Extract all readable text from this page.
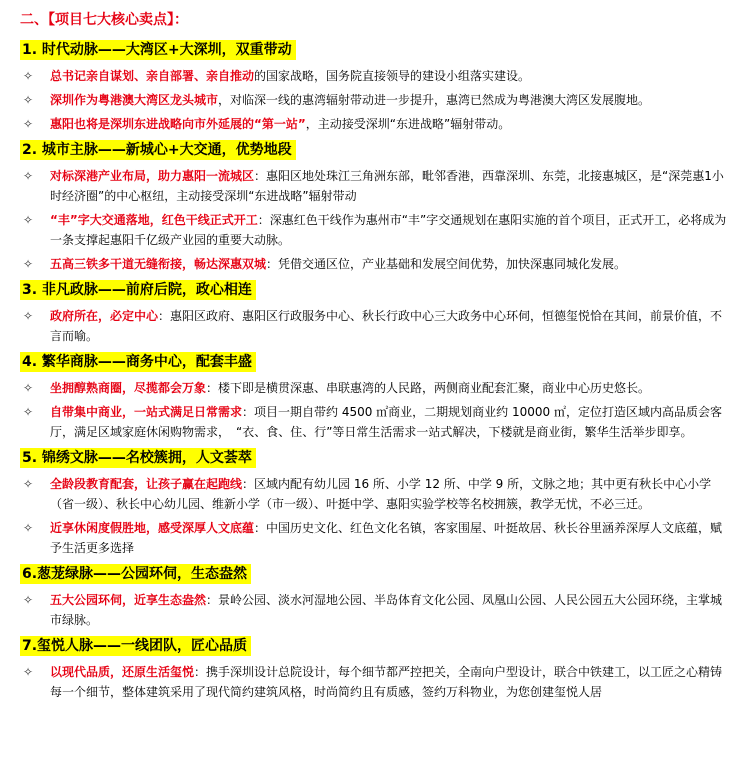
二、【项目七大核心卖点】：
1. 时代动脉——大湾区+大深圳，双重带动
✧ 总书记亲自谋划、亲自部署、亲自推动的国家战略，国务院直接领导的建设小组落实建设。
✧ 深圳作为粤港澳大湾区龙头城市，对临深一线的惠湾辐射带动进一步提升，惠湾已然成为粤港澳大湾区发展腹地。
✧ 惠阳也将是深圳东进战略向市外延展的“第一站”，主动接受深圳“东进战略”辐射带动。
2. 城市主脉——新城心+大交通，优势地段
✧ 对标深港产业布局，助力惠阳一流城区：惠阳区地处珠江三角洲东部，毗邻香港，西靠深圳、东莞，北接惠城区，是“深莞惠1小时经济圈”的中心枢纽，主动接受深圳“东进战略”辐射带动
✧ “丰”字大交通落地，红色干线正式开工：深惠红色干线作为惠州市“丰”字交通规划在惠阳实施的首个项目，正式开工，必将成为一条支撑起惠阳千亿级产业园的重要大动脉。
✧ 五高三铁多干道无缝衔接，畅达深惠双城：凭借交通区位，产业基础和发展空间优势，加快深惠同城化发展。
3. 非凡政脉——前府后院，政心相连
✧ 政府所在，必定中心：惠阳区政府、惠阳区行政服务中心、秋长行政中心三大政务中心环伺，恒德玺悦恰在其间，前景价值，不言而喻。
4. 繁华商脉——商务中心，配套丰盛
✧ 坐拥醇熟商圈，尽揽都会万象：楼下即是横贯深惠、串联惠湾的人民路，两侧商业配套汇聚，商业中心历史悠长。
✧ 自带集中商业，一站式满足日常需求：项目一期自带约 4500 ㎡商业，二期规划商业约 10000 ㎡，定位打造区域内高品质会客厅，满足区域家庭休闲购物需求，　“衣、食、住、行”等日常生活需求一站式解决，下楼就是商业街，繁华生活举步即享。
5. 锦绣文脉——名校簇拥，人文荟萃
✧ 全龄段教育配套，让孩子赢在起跑线：区域内配有幼儿园 16 所、小学 12 所、中学 9 所，文脉之地；其中更有秋长中心小学（省一级）、秋长中心幼儿园、维新小学（市一级）、叶挺中学、惠阳实验学校等名校拥簇，教学无忧，不必三迁。
✧ 近享休闲度假胜地，感受深厚人文底蕴：中国历史文化、红色文化名镇，客家围屋、叶挺故居、秋长谷里涵养深厚人文底蕴，赋予生活更多选择
6.葱茏绿脉——公园环伺，生态盎然
✧ 五大公园环伺，近享生态盎然：景岭公园、淡水河湿地公园、半岛体育文化公园、凤凰山公园、人民公园五大公园环绕，主掌城市绿脉。
7.玺悦人脉——一线团队，匠心品质
✧ 以现代品质，还原生活玺悦：携手深圳设计总院设计，每个细节都严控把关，全南向户型设计，联合中铁建工，以工匠之心精铸每一个细节，整体建筑采用了现代简约建筑风格，时尚简约且有质感，签约万科物业，为您创建玺悦人居
